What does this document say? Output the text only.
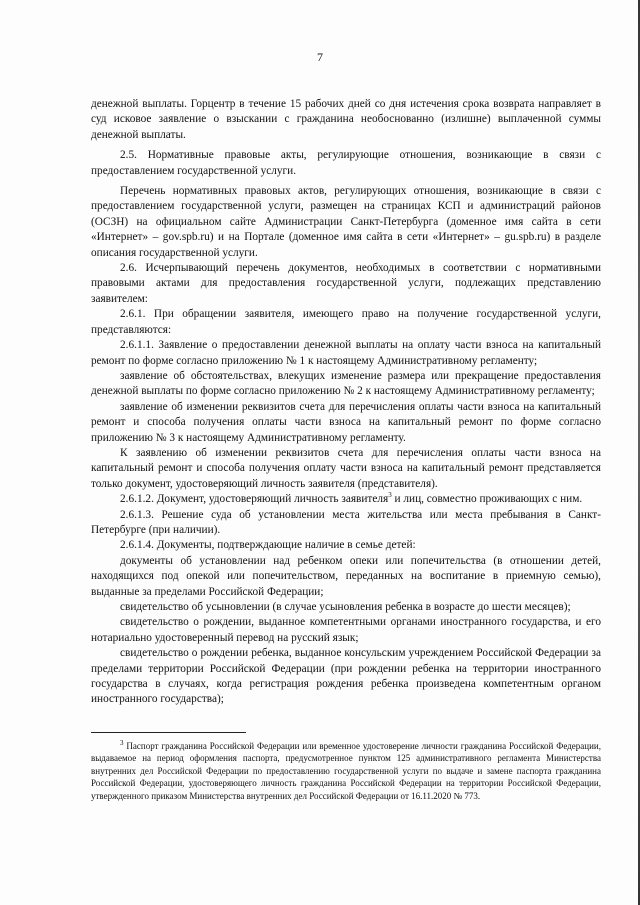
7

денежной выплаты. Горцентр в течение 15 рабочих дней со дня истечения срока возврата направляет в суд исковое заявление о взыскании с гражданина необоснованно (излишне) выплаченной суммы денежной выплаты.

2.5. Нормативные правовые акты, регулирующие отношения, возникающие в связи с предоставлением государственной услуги.

Перечень нормативных правовых актов, регулирующих отношения, возникающие в связи с предоставлением государственной услуги, размещен на страницах КСП и администраций районов (ОСЗН) на официальном сайте Администрации Санкт-Петербурга (доменное имя сайта в сети «Интернет» – gov.spb.ru) и на Портале (доменное имя сайта в сети «Интернет» – gu.spb.ru) в разделе описания государственной услуги.

2.6. Исчерпывающий перечень документов, необходимых в соответствии с нормативными правовыми актами для предоставления государственной услуги, подлежащих представлению заявителем:

2.6.1. При обращении заявителя, имеющего право на получение государственной услуги, представляются:

2.6.1.1. Заявление о предоставлении денежной выплаты на оплату части взноса на капитальный ремонт по форме согласно приложению № 1 к настоящему Административному регламенту;

заявление об обстоятельствах, влекущих изменение размера или прекращение предоставления денежной выплаты по форме согласно приложению № 2 к настоящему Административному регламенту;

заявление об изменении реквизитов счета для перечисления оплаты части взноса на капитальный ремонт и способа получения оплаты части взноса на капитальный ремонт по форме согласно приложению № 3 к настоящему Административному регламенту.

К заявлению об изменении реквизитов счета для перечисления оплаты части взноса на капитальный ремонт и способа получения оплату части взноса на капитальный ремонт представляется только документ, удостоверяющий личность заявителя (представителя).

2.6.1.2. Документ, удостоверяющий личность заявителя$^3$ и лиц, совместно проживающих с ним.

2.6.1.3. Решение суда об установлении места жительства или места пребывания в Санкт-Петербурге (при наличии).

2.6.1.4. Документы, подтверждающие наличие в семье детей:

документы об установлении над ребенком опеки или попечительства (в отношении детей, находящихся под опекой или попечительством, переданных на воспитание в приемную семью), выданные за пределами Российской Федерации;

свидетельство об усыновлении (в случае усыновления ребенка в возрасте до шести месяцев);

свидетельство о рождении, выданное компетентными органами иностранного государства, и его нотариально удостоверенный перевод на русский язык;

свидетельство о рождении ребенка, выданное консульским учреждением Российской Федерации за пределами территории Российской Федерации (при рождении ребенка на территории иностранного государства в случаях, когда регистрация рождения ребенка произведена компетентным органом иностранного государства);

$^3$ Паспорт гражданина Российской Федерации или временное удостоверение личности гражданина Российской Федерации, выдаваемое на период оформления паспорта, предусмотренное пунктом 125 административного регламента Министерства внутренних дел Российской Федерации по предоставлению государственной услуги по выдаче и замене паспорта гражданина Российской Федерации, удостоверяющего личность гражданина Российской Федерации на территории Российской Федерации, утвержденного приказом Министерства внутренних дел Российской Федерации от 16.11.2020 № 773.
